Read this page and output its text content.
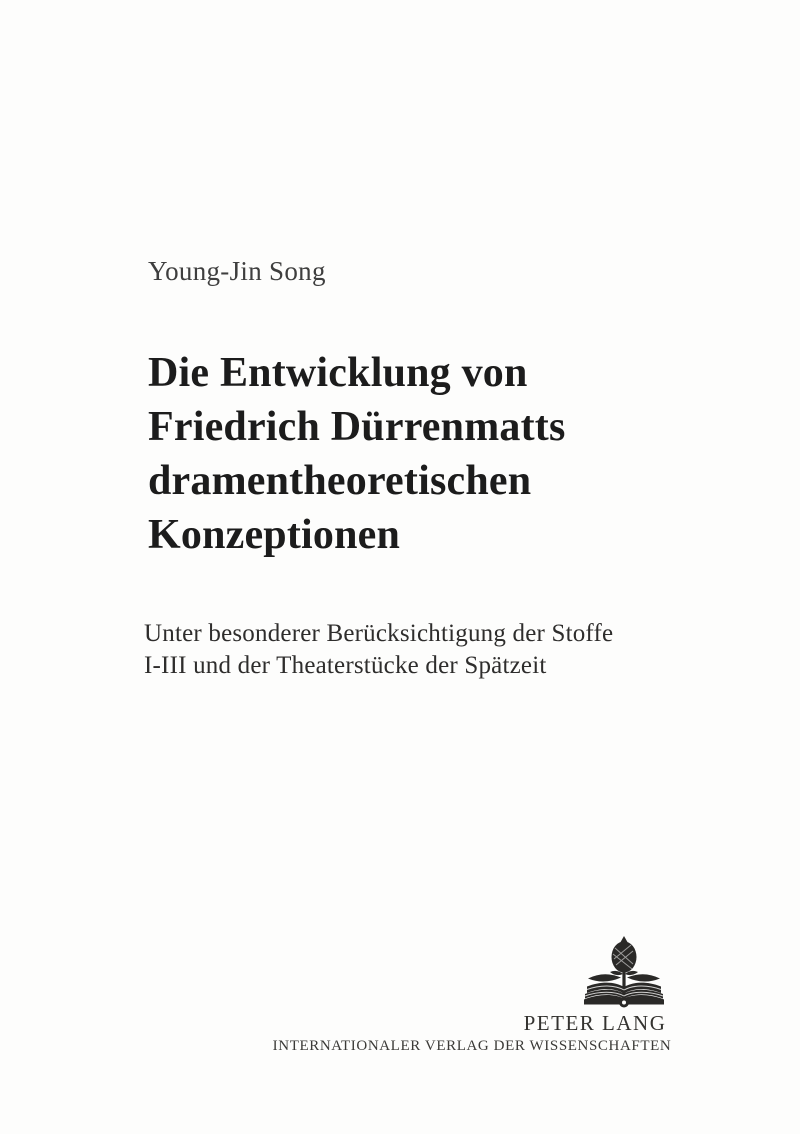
Young-Jin Song
Die Entwicklung von
Friedrich Dürrenmatts
dramentheoretischen
Konzeptionen
Unter besonderer Berücksichtigung der Stoffe
I-III und der Theaterstücke der Spätzeit
PETER LANG
INTERNATIONALER VERLAG DER WISSENSCHAFTEN
